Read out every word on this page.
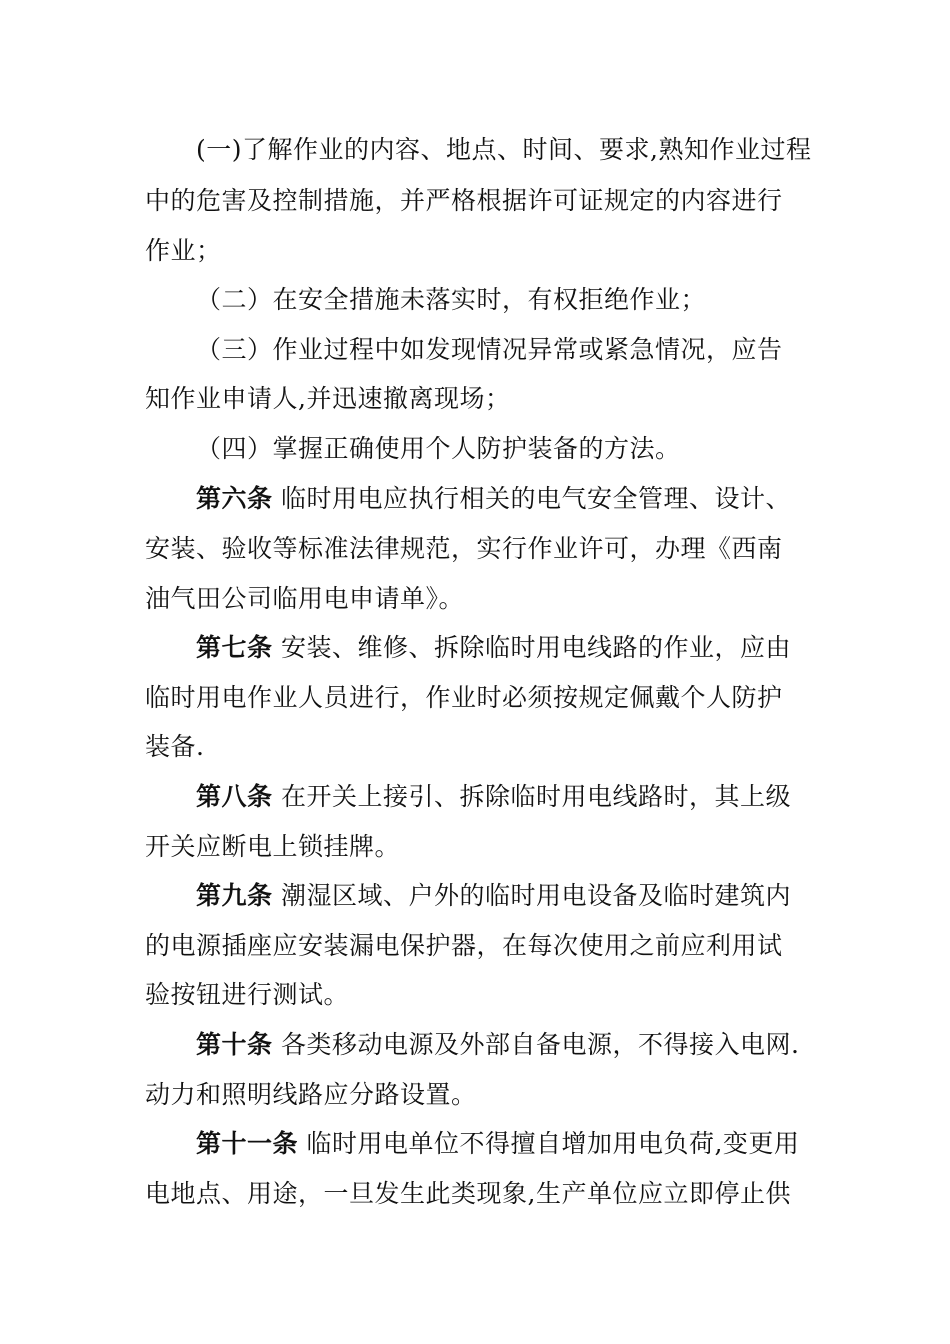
(一)了解作业的内容、地点、时间、要求,熟知作业过程
中的危害及控制措施，并严格根据许可证规定的内容进行
作业；
（二）在安全措施未落实时，有权拒绝作业；
（三）作业过程中如发现情况异常或紧急情况，应告
知作业申请人,并迅速撤离现场；
（四）掌握正确使用个人防护装备的方法。
第六条 临时用电应执行相关的电气安全管理、设计、
安装、验收等标准法律规范，实行作业许可，办理《西南
油气田公司临用电申请单》。
第七条 安装、维修、拆除临时用电线路的作业，应由
临时用电作业人员进行，作业时必须按规定佩戴个人防护
装备.
第八条 在开关上接引、拆除临时用电线路时，其上级
开关应断电上锁挂牌。
第九条 潮湿区域、户外的临时用电设备及临时建筑内
的电源插座应安装漏电保护器，在每次使用之前应利用试
验按钮进行测试。
第十条 各类移动电源及外部自备电源，不得接入电网.
动力和照明线路应分路设置。
第十一条 临时用电单位不得擅自增加用电负荷,变更用
电地点、用途，一旦发生此类现象,生产单位应立即停止供
